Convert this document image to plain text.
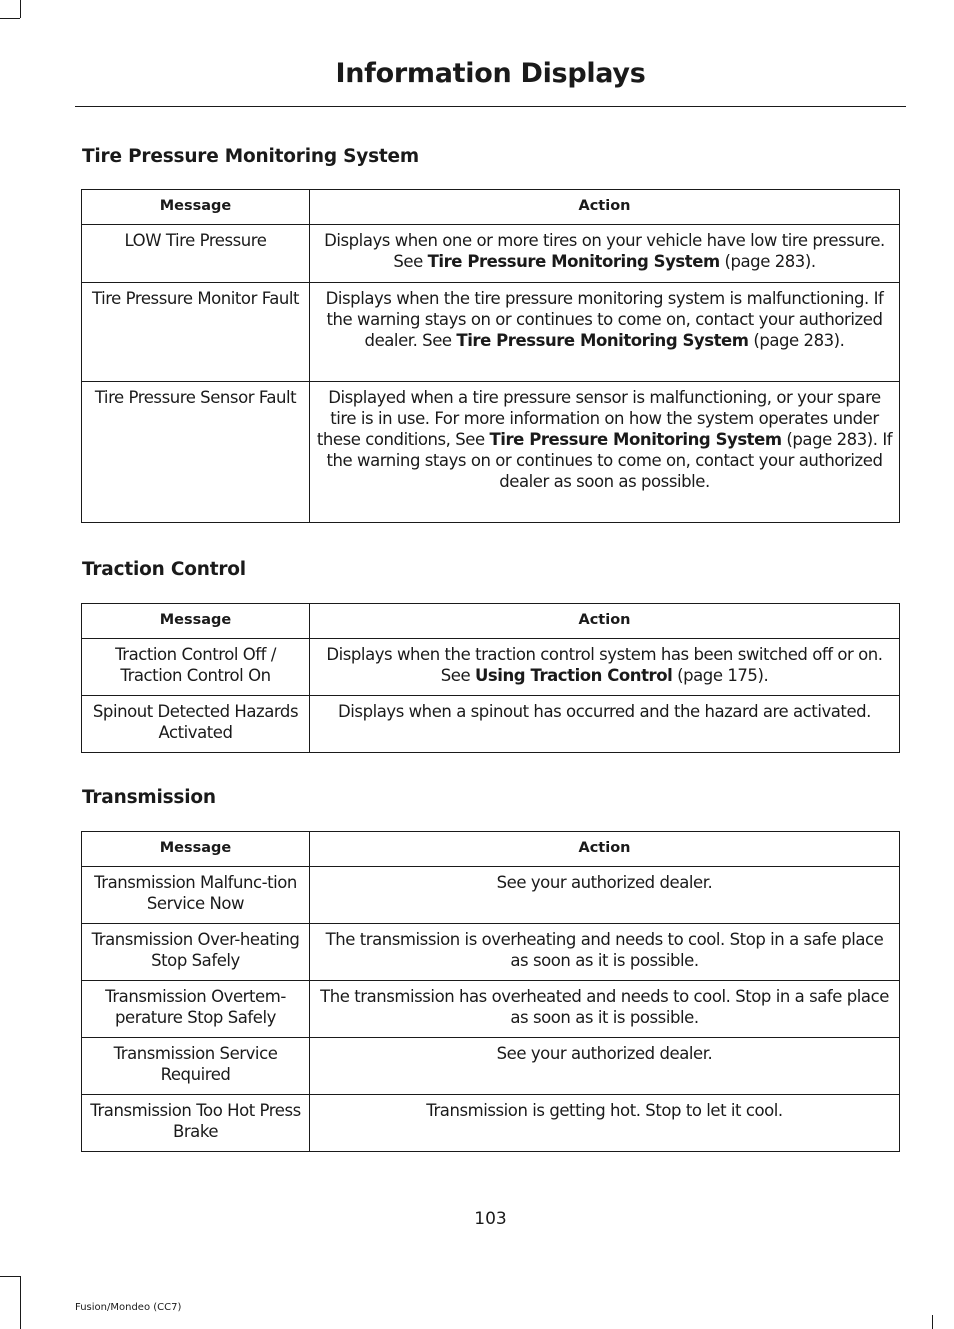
Information Displays
Tire Pressure Monitoring System
Message	Action
LOW Tire Pressure	Displays when one or more tires on your vehicle have low tire pressure. See Tire Pressure Monitoring System (page 283).
Tire Pressure Monitor Fault	Displays when the tire pressure monitoring system is malfunctioning. If the warning stays on or continues to come on, contact your authorized dealer. See Tire Pressure Monitoring System (page 283).
Tire Pressure Sensor Fault	Displayed when a tire pressure sensor is malfunctioning, or your spare tire is in use. For more information on how the system operates under these conditions, See Tire Pressure Monitoring System (page 283). If the warning stays on or continues to come on, contact your authorized dealer as soon as possible.
Traction Control
Message	Action
Traction Control Off / Traction Control On	Displays when the traction control system has been switched off or on. See Using Traction Control (page 175).
Spinout Detected Hazards Activated	Displays when a spinout has occurred and the hazard are activated.
Transmission
Message	Action
Transmission Malfunc-tion Service Now	See your authorized dealer.
Transmission Over-heating Stop Safely	The transmission is overheating and needs to cool. Stop in a safe place as soon as it is possible.
Transmission Overtem-perature Stop Safely	The transmission has overheated and needs to cool. Stop in a safe place as soon as it is possible.
Transmission Service Required	See your authorized dealer.
Transmission Too Hot Press Brake	Transmission is getting hot. Stop to let it cool.
103
Fusion/Mondeo (CC7)
